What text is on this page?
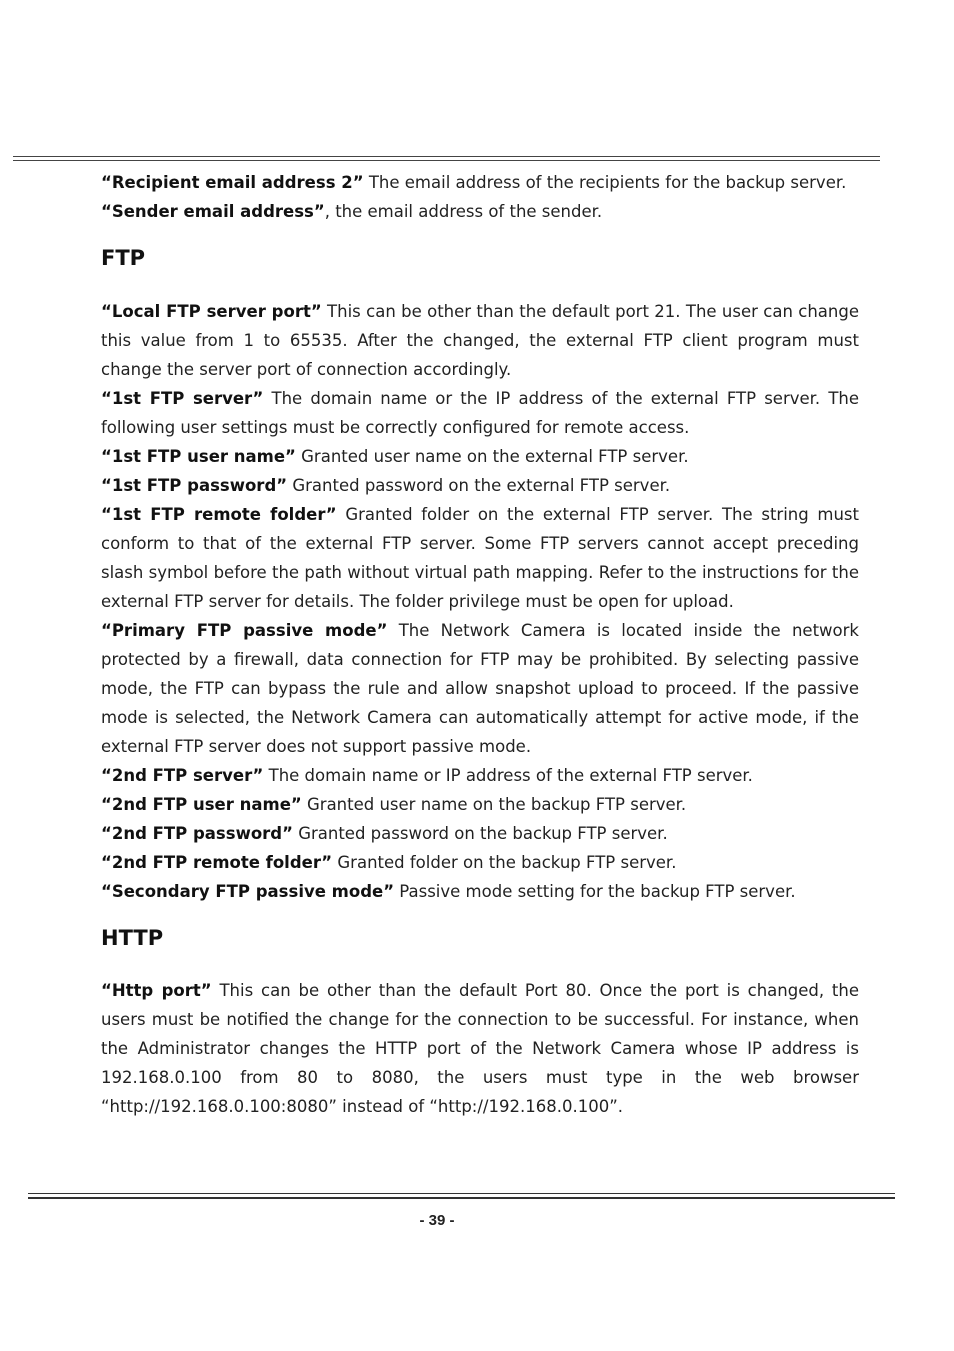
“Recipient email address 2” The email address of the recipients for the backup server.

“Sender email address”, the email address of the sender.

FTP

“Local FTP server port” This can be other than the default port 21. The user can change this value from 1 to 65535. After the changed, the external FTP client program must change the server port of connection accordingly.

“1st FTP server” The domain name or the IP address of the external FTP server. The following user settings must be correctly configured for remote access.

“1st FTP user name” Granted user name on the external FTP server.

“1st FTP password” Granted password on the external FTP server.

“1st FTP remote folder” Granted folder on the external FTP server. The string must conform to that of the external FTP server. Some FTP servers cannot accept preceding slash symbol before the path without virtual path mapping. Refer to the instructions for the external FTP server for details. The folder privilege must be open for upload.

“Primary FTP passive mode” The Network Camera is located inside the network protected by a firewall, data connection for FTP may be prohibited. By selecting passive mode, the FTP can bypass the rule and allow snapshot upload to proceed. If the passive mode is selected, the Network Camera can automatically attempt for active mode, if the external FTP server does not support passive mode.

“2nd FTP server” The domain name or IP address of the external FTP server.

“2nd FTP user name” Granted user name on the backup FTP server.

“2nd FTP password” Granted password on the backup FTP server.

“2nd FTP remote folder” Granted folder on the backup FTP server.

“Secondary FTP passive mode” Passive mode setting for the backup FTP server.

HTTP

“Http port” This can be other than the default Port 80. Once the port is changed, the users must be notified the change for the connection to be successful. For instance, when the Administrator changes the HTTP port of the Network Camera whose IP address is 192.168.0.100 from 80 to 8080, the users must type in the web browser “http://192.168.0.100:8080” instead of “http://192.168.0.100”.

- 39 -
